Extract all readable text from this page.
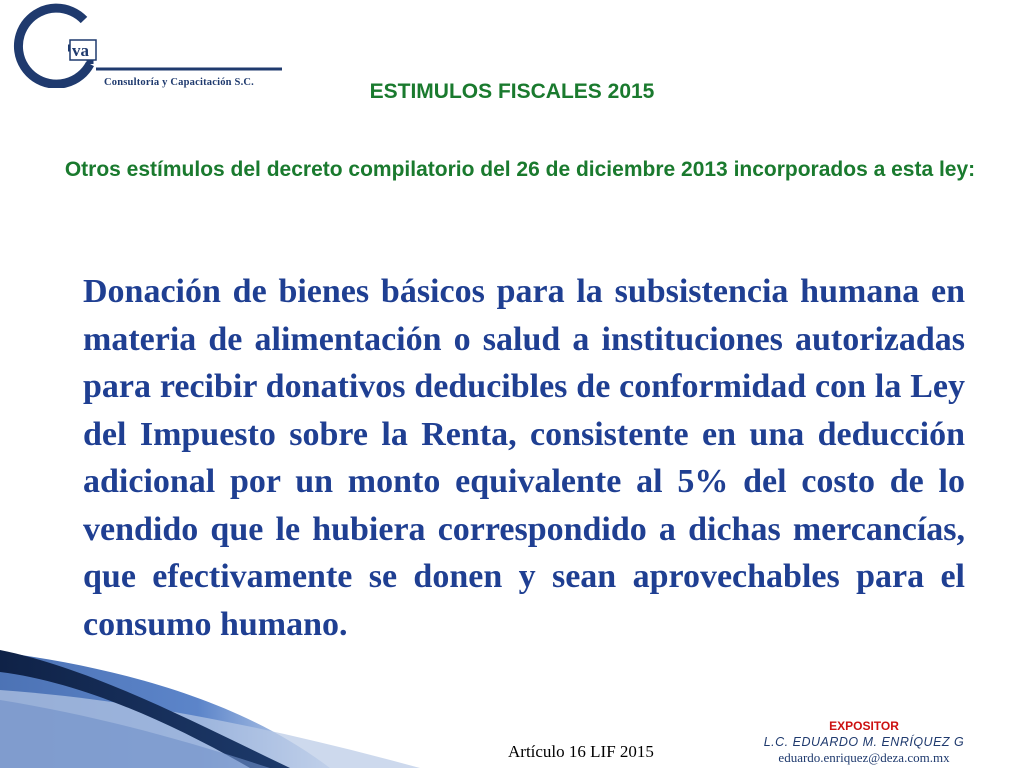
va
Consultoría y Capacitación S.C.	ESTIMULOS FISCALES 2015
Otros estímulos del decreto compilatorio del 26 de diciembre 2013 incorporados a esta ley:
Donación de bienes básicos para la subsistencia humana en materia de alimentación o salud a instituciones autorizadas para recibir donativos deducibles de conformidad con la Ley del Impuesto sobre la Renta, consistente en una deducción adicional por un monto equivalente al 5% del costo de lo vendido que le hubiera correspondido a dichas mercancías, que efectivamente se donen y sean aprovechables para el consumo humano.
Artículo 16 LIF 2015
EXPOSITOR
L.C. EDUARDO M. ENRÍQUEZ G
eduardo.enriquez@deza.com.mx
